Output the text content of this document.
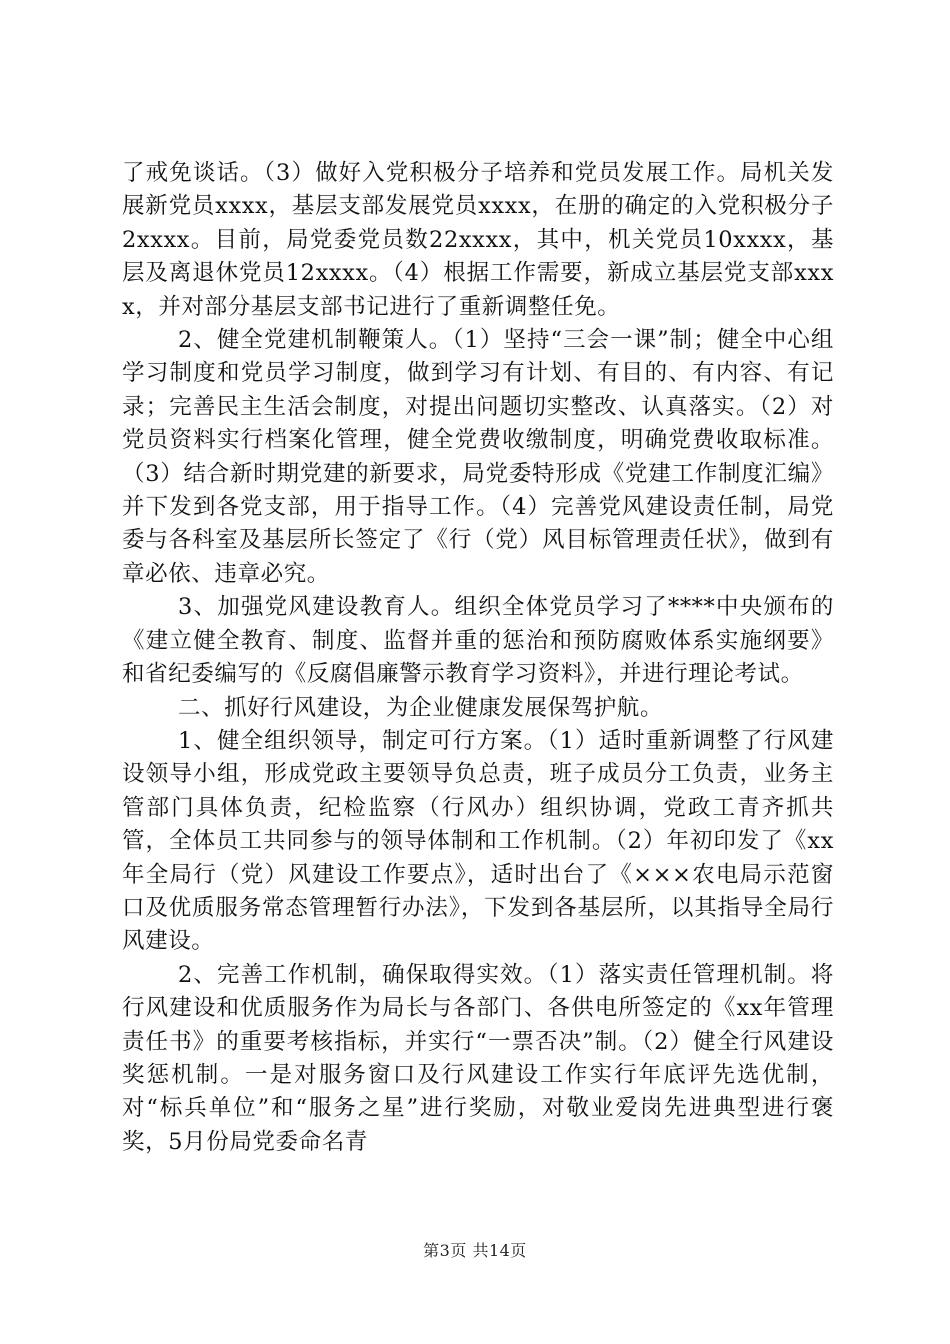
了戒免谈话。（3）做好入党积极分子培养和党员发展工作。局机关发展新党员xxxx，基层支部发展党员xxxx，在册的确定的入党积极分子2xxxx。目前，局党委党员数22xxxx，其中，机关党员10xxxx，基层及离退休党员12xxxx。（4）根据工作需要，新成立基层党支部xxxx，并对部分基层支部书记进行了重新调整任免。

2、健全党建机制鞭策人。（1）坚持“三会一课”制；健全中心组学习制度和党员学习制度，做到学习有计划、有目的、有内容、有记录；完善民主生活会制度，对提出问题切实整改、认真落实。（2）对党员资料实行档案化管理，健全党费收缴制度，明确党费收取标准。（3）结合新时期党建的新要求，局党委特形成《党建工作制度汇编》并下发到各党支部，用于指导工作。（4）完善党风建设责任制，局党委与各科室及基层所长签定了《行（党）风目标管理责任状》，做到有章必依、违章必究。

3、加强党风建设教育人。组织全体党员学习了****中央颁布的《建立健全教育、制度、监督并重的惩治和预防腐败体系实施纲要》和省纪委编写的《反腐倡廉警示教育学习资料》，并进行理论考试。

二、抓好行风建设，为企业健康发展保驾护航。

1、健全组织领导，制定可行方案。（1）适时重新调整了行风建设领导小组，形成党政主要领导负总责，班子成员分工负责，业务主管部门具体负责，纪检监察（行风办）组织协调，党政工青齐抓共管，全体员工共同参与的领导体制和工作机制。（2）年初印发了《xx年全局行（党）风建设工作要点》，适时出台了《×××农电局示范窗口及优质服务常态管理暂行办法》，下发到各基层所，以其指导全局行风建设。

2、完善工作机制，确保取得实效。（1）落实责任管理机制。将行风建设和优质服务作为局长与各部门、各供电所签定的《xx年管理责任书》的重要考核指标，并实行“一票否决”制。（2）健全行风建设奖惩机制。一是对服务窗口及行风建设工作实行年底评先选优制，对“标兵单位”和“服务之星”进行奖励，对敬业爱岗先进典型进行褒奖，5月份局党委命名青

第3页 共14页
